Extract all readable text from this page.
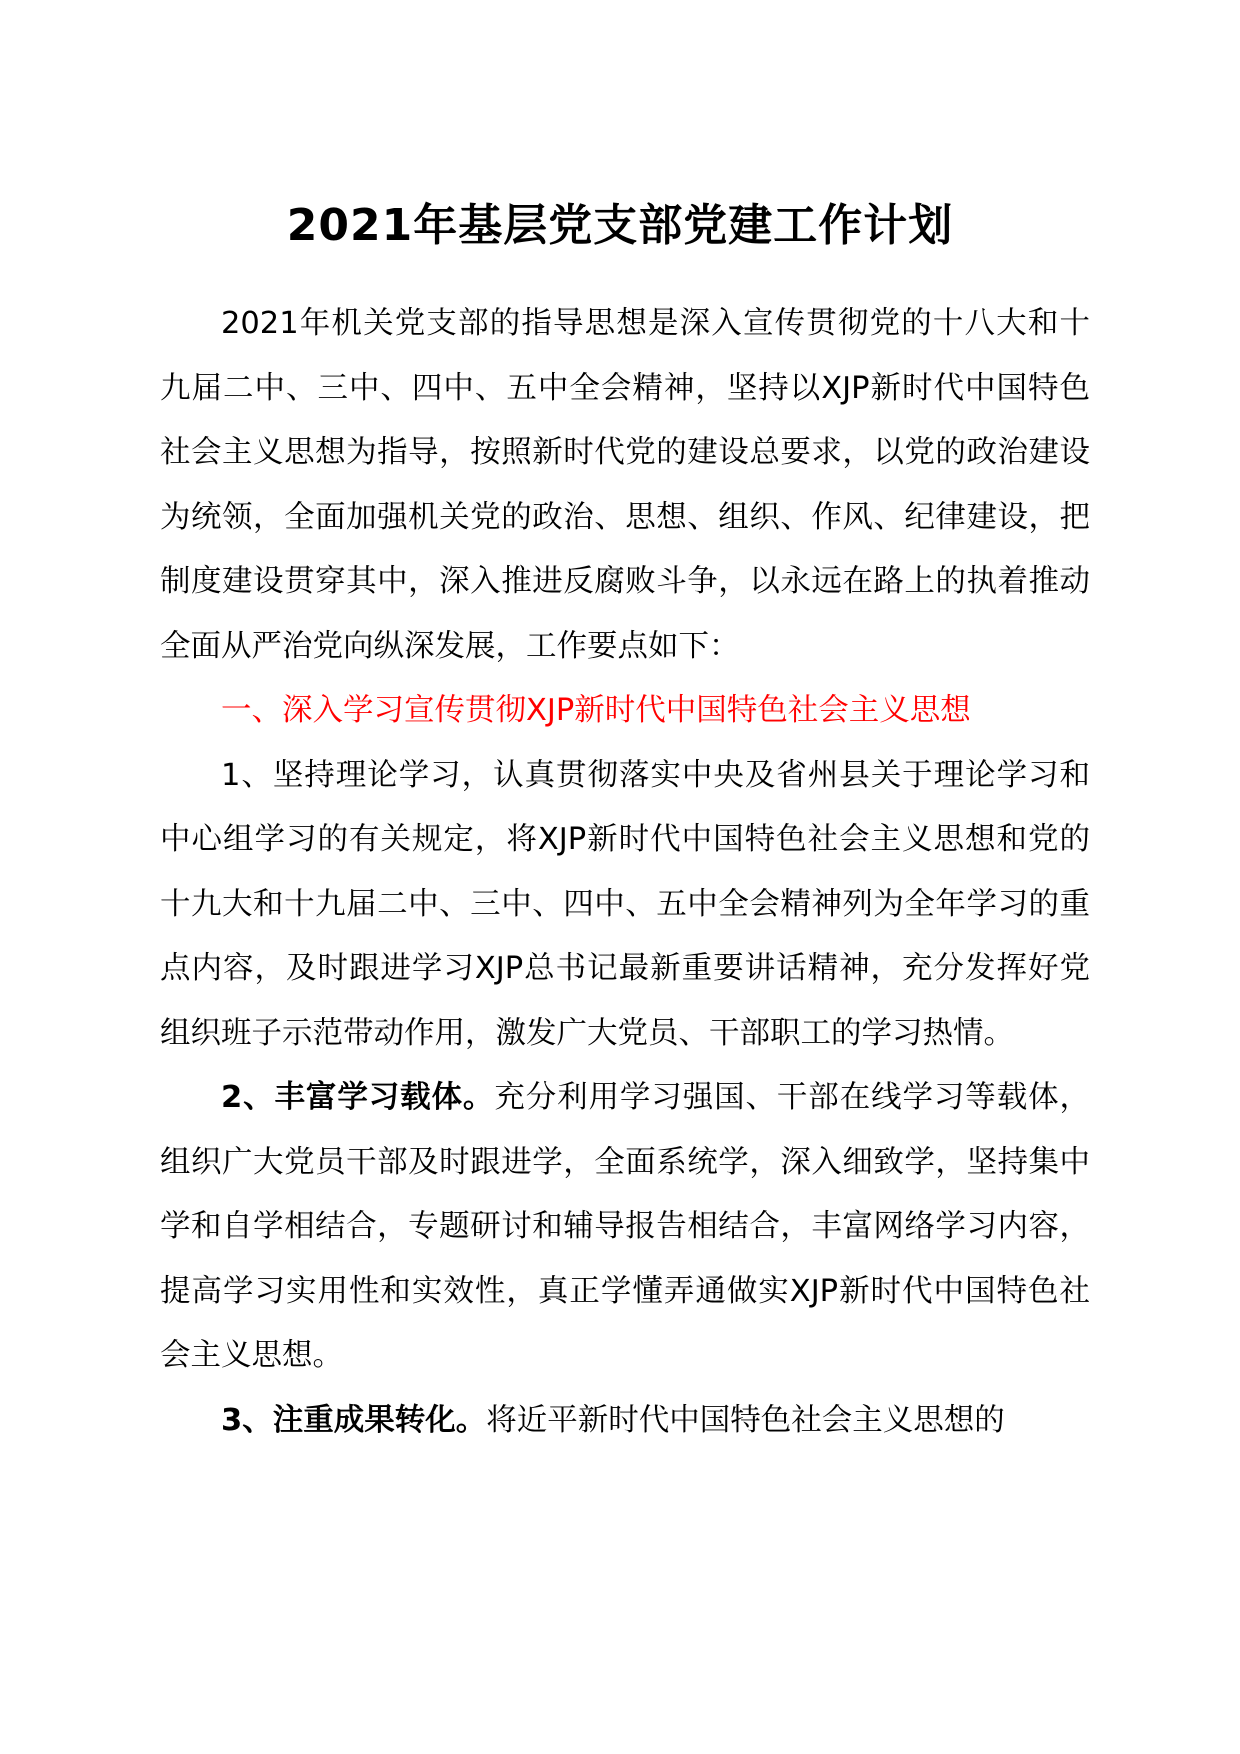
2021年基层党支部党建工作计划

2021年机关党支部的指导思想是深入宣传贯彻党的十八大和十九届二中、三中、四中、五中全会精神，坚持以XJP新时代中国特色社会主义思想为指导，按照新时代党的建设总要求，以党的政治建设为统领，全面加强机关党的政治、思想、组织、作风、纪律建设，把制度建设贯穿其中，深入推进反腐败斗争，以永远在路上的执着推动全面从严治党向纵深发展，工作要点如下：

一、深入学习宣传贯彻XJP新时代中国特色社会主义思想

1、坚持理论学习，认真贯彻落实中央及省州县关于理论学习和中心组学习的有关规定，将XJP新时代中国特色社会主义思想和党的十九大和十九届二中、三中、四中、五中全会精神列为全年学习的重点内容，及时跟进学习XJP总书记最新重要讲话精神，充分发挥好党组织班子示范带动作用，激发广大党员、干部职工的学习热情。

2、丰富学习载体。充分利用学习强国、干部在线学习等载体，组织广大党员干部及时跟进学，全面系统学，深入细致学，坚持集中学和自学相结合，专题研讨和辅导报告相结合，丰富网络学习内容，提高学习实用性和实效性，真正学懂弄通做实XJP新时代中国特色社会主义思想。

3、注重成果转化。将近平新时代中国特色社会主义思想的
